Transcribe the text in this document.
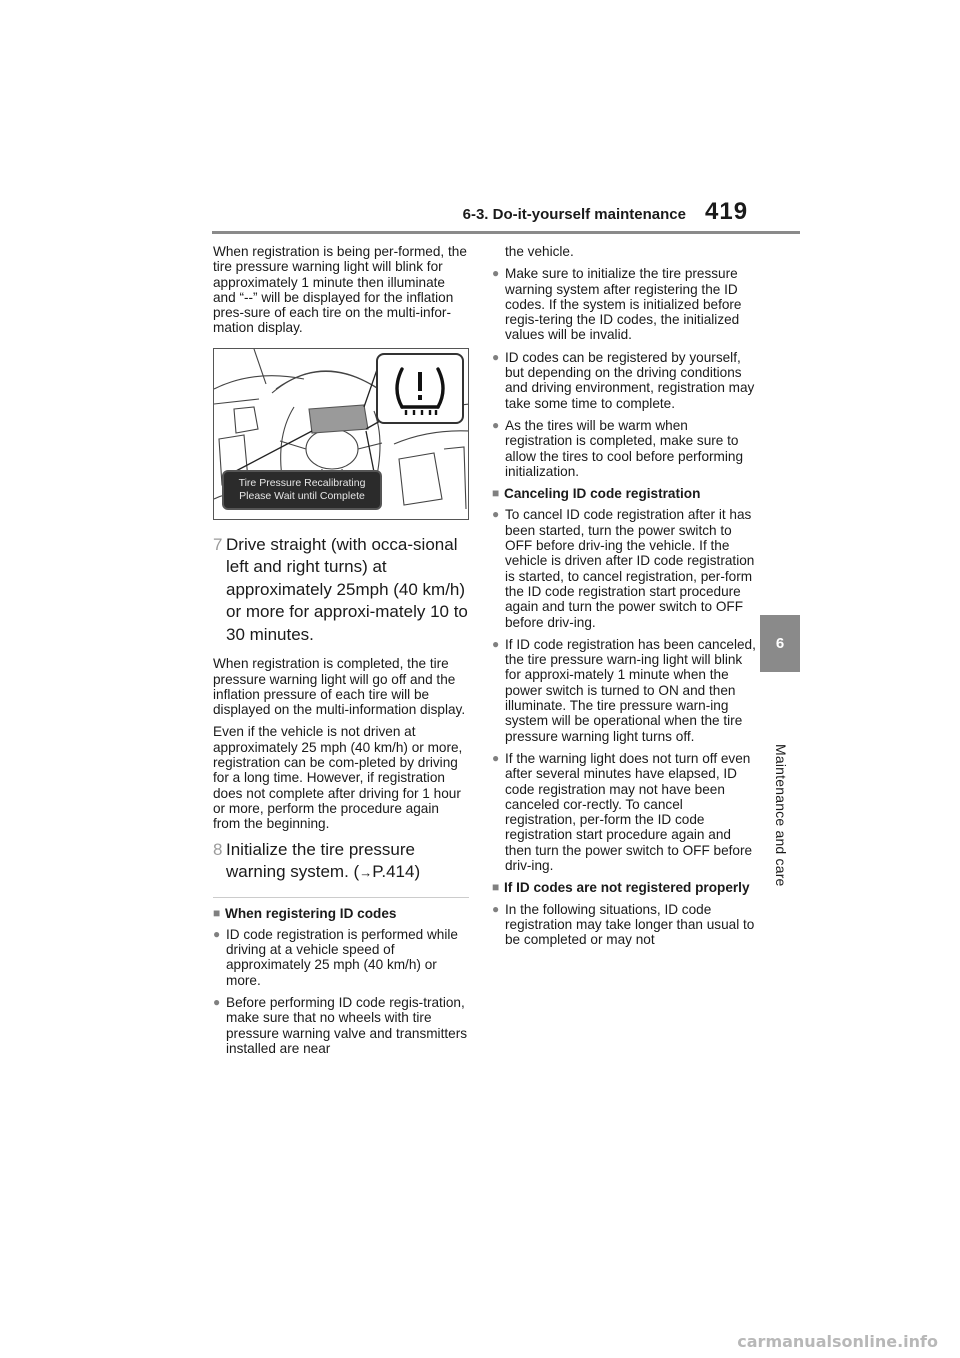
6-3. Do-it-yourself maintenance 419
6
Maintenance and care
When registration is being per-formed, the tire pressure warning light will blink for approximately 1 minute then illuminate and “--” will be displayed for the inflation pres-sure of each tire on the multi-infor-mation display.
Tire Pressure Recalibrating
Please Wait until Complete
7 Drive straight (with occa-sional left and right turns) at approximately 25mph (40 km/h) or more for approxi-mately 10 to 30 minutes.
When registration is completed, the tire pressure warning light will go off and the inflation pressure of each tire will be displayed on the multi-information display.
Even if the vehicle is not driven at approximately 25 mph (40 km/h) or more, registration can be com-pleted by driving for a long time. However, if registration does not complete after driving for 1 hour or more, perform the procedure again from the beginning.
8 Initialize the tire pressure warning system. (→P.414)
■ When registering ID codes
● ID code registration is performed while driving at a vehicle speed of approximately 25 mph (40 km/h) or more.
● Before performing ID code regis-tration, make sure that no wheels with tire pressure warning valve and transmitters installed are near
the vehicle.
● Make sure to initialize the tire pressure warning system after registering the ID codes. If the system is initialized before regis-tering the ID codes, the initialized values will be invalid.
● ID codes can be registered by yourself, but depending on the driving conditions and driving environment, registration may take some time to complete.
● As the tires will be warm when registration is completed, make sure to allow the tires to cool before performing initialization.
■ Canceling ID code registration
● To cancel ID code registration after it has been started, turn the power switch to OFF before driv-ing the vehicle. If the vehicle is driven after ID code registration is started, to cancel registration, per-form the ID code registration start procedure again and turn the power switch to OFF before driv-ing.
● If ID code registration has been canceled, the tire pressure warn-ing light will blink for approxi-mately 1 minute when the power switch is turned to ON and then illuminate. The tire pressure warn-ing system will be operational when the tire pressure warning light turns off.
● If the warning light does not turn off even after several minutes have elapsed, ID code registration may not have been canceled cor-rectly. To cancel registration, per-form the ID code registration start procedure again and then turn the power switch to OFF before driv-ing.
■ If ID codes are not registered properly
● In the following situations, ID code registration may take longer than usual to be completed or may not
carmanualsonline.info
